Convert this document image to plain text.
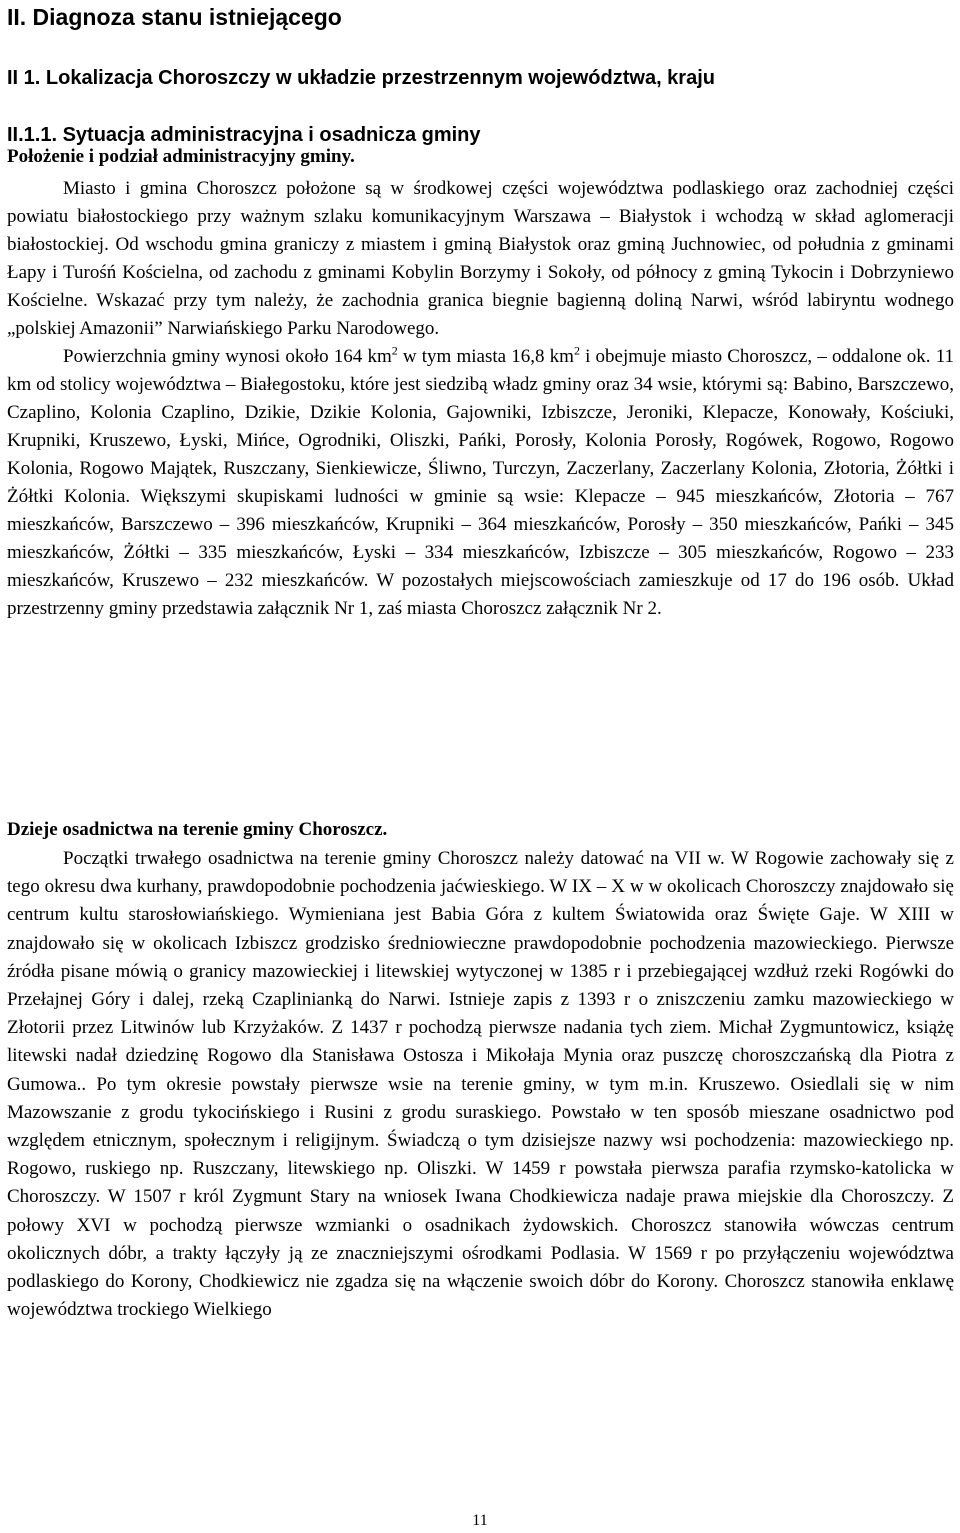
II. Diagnoza stanu istniejącego
II 1. Lokalizacja Choroszczy w układzie przestrzennym województwa, kraju
II.1.1. Sytuacja administracyjna i osadnicza gminy
Położenie i podział administracyjny gminy.

Miasto i gmina Choroszcz położone są w środkowej części województwa podlaskiego oraz zachodniej części powiatu białostockiego przy ważnym szlaku komunikacyjnym Warszawa – Białystok i wchodzą w skład aglomeracji białostockiej. Od wschodu gmina graniczy z miastem i gminą Białystok oraz gminą Juchnowiec, od południa z gminami Łapy i Turośń Kościelna, od zachodu z gminami Kobylin Borzymy i Sokoły, od północy z gminą Tykocin i Dobrzyniewo Kościelne. Wskazać przy tym należy, że zachodnia granica biegnie bagienną doliną Narwi, wśród labiryntu wodnego „polskiej Amazonii” Narwiańskiego Parku Narodowego.

Powierzchnia gminy wynosi około 164 $km^2$ w tym miasta 16,8 $km^2$ i obejmuje miasto Choroszcz, – oddalone ok. 11 km od stolicy województwa – Białegostoku, które jest siedzibą władz gminy oraz 34 wsie, którymi są: Babino, Barszczewo, Czaplino, Kolonia Czaplino, Dzikie, Dzikie Kolonia, Gajowniki, Izbiszcze, Jeroniki, Klepacze, Konowały, Kościuki, Krupniki, Kruszewo, Łyski, Mińce, Ogrodniki, Oliszki, Pańki, Porosły, Kolonia Porosły, Rogówek, Rogowo, Rogowo Kolonia, Rogowo Majątek, Ruszczany, Sienkiewicze, Śliwno, Turczyn, Zaczerlany, Zaczerlany Kolonia, Złotoria, Żółtki i Żółtki Kolonia. Większymi skupiskami ludności w gminie są wsie: Klepacze – 945 mieszkańców, Złotoria – 767 mieszkańców, Barszczewo – 396 mieszkańców, Krupniki – 364 mieszkańców, Porosły – 350 mieszkańców, Pańki – 345 mieszkańców, Żółtki – 335 mieszkańców, Łyski – 334 mieszkańców, Izbiszcze – 305 mieszkańców, Rogowo – 233 mieszkańców, Kruszewo – 232 mieszkańców. W pozostałych miejscowościach zamieszkuje od 17 do 196 osób. Układ przestrzenny gminy przedstawia załącznik Nr 1, zaś miasta Choroszcz załącznik Nr 2.

Dzieje osadnictwa na terenie gminy Choroszcz.

Początki trwałego osadnictwa na terenie gminy Choroszcz należy datować na VII w. W Rogowie zachowały się z tego okresu dwa kurhany, prawdopodobnie pochodzenia jaćwieskiego. W IX – X w w okolicach Choroszczy znajdowało się centrum kultu starosłowiańskiego. Wymieniana jest Babia Góra z kultem Światowida oraz Święte Gaje. W XIII w znajdowało się w okolicach Izbiszcz grodzisko średniowieczne prawdopodobnie pochodzenia mazowieckiego. Pierwsze źródła pisane mówią o granicy mazowieckiej i litewskiej wytyczonej w 1385 r i przebiegającej wzdłuż rzeki Rogówki do Przełajnej Góry i dalej, rzeką Czaplinianką do Narwi. Istnieje zapis z 1393 r o zniszczeniu zamku mazowieckiego w Złotorii przez Litwinów lub Krzyżaków. Z 1437 r pochodzą pierwsze nadania tych ziem. Michał Zygmuntowicz, książę litewski nadał dziedzinę Rogowo dla Stanisława Ostosza i Mikołaja Mynia oraz puszczę choroszczańską dla Piotra z Gumowa.. Po tym okresie powstały pierwsze wsie na terenie gminy, w tym m.in. Kruszewo. Osiedlali się w nim Mazowszanie z grodu tykocińskiego i Rusini z grodu suraskiego. Powstało w ten sposób mieszane osadnictwo pod względem etnicznym, społecznym i religijnym. Świadczą o tym dzisiejsze nazwy wsi pochodzenia: mazowieckiego np. Rogowo, ruskiego np. Ruszczany, litewskiego np. Oliszki. W 1459 r powstała pierwsza parafia rzymsko-katolicka w Choroszczy. W 1507 r król Zygmunt Stary na wniosek Iwana Chodkiewicza nadaje prawa miejskie dla Choroszczy. Z połowy XVI w pochodzą pierwsze wzmianki o osadnikach żydowskich. Choroszcz stanowiła wówczas centrum okolicznych dóbr, a trakty łączyły ją ze znaczniejszymi ośrodkami Podlasia. W 1569 r po przyłączeniu województwa podlaskiego do Korony, Chodkiewicz nie zgadza się na włączenie swoich dóbr do Korony. Choroszcz stanowiła enklawę województwa trockiego Wielkiego

11
